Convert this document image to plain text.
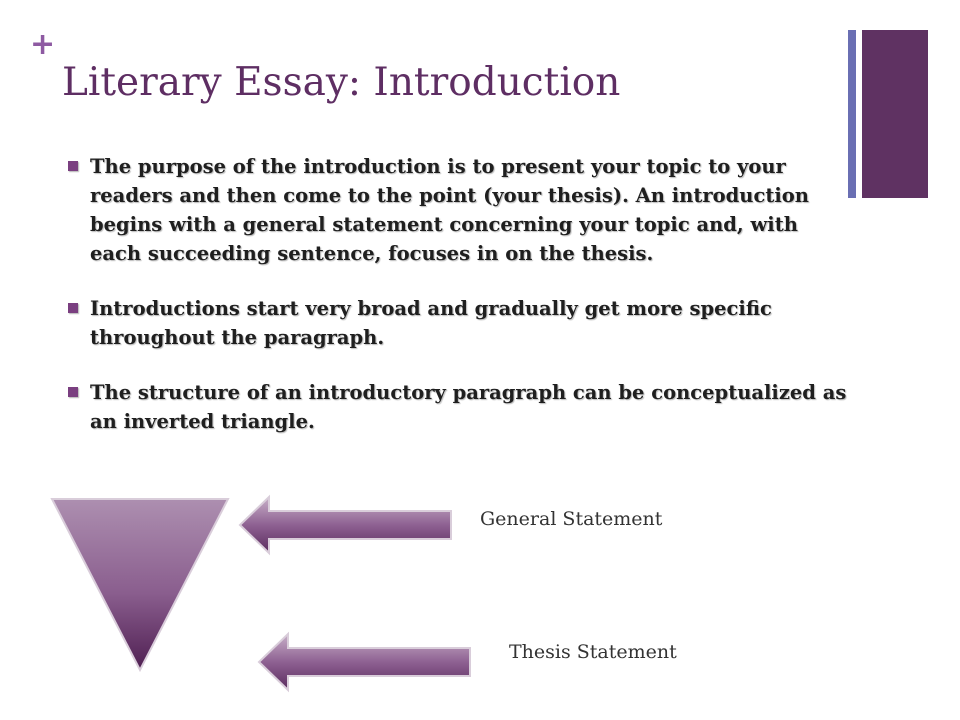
+
Literary Essay: Introduction
The purpose of the introduction is to present your topic to your readers and then come to the point (your thesis). An introduction begins with a general statement concerning your topic and, with each succeeding sentence, focuses in on the thesis.
Introductions start very broad and gradually get more specific throughout the paragraph.
The structure of an introductory paragraph can be conceptualized as an inverted triangle.
General Statement
Thesis Statement
